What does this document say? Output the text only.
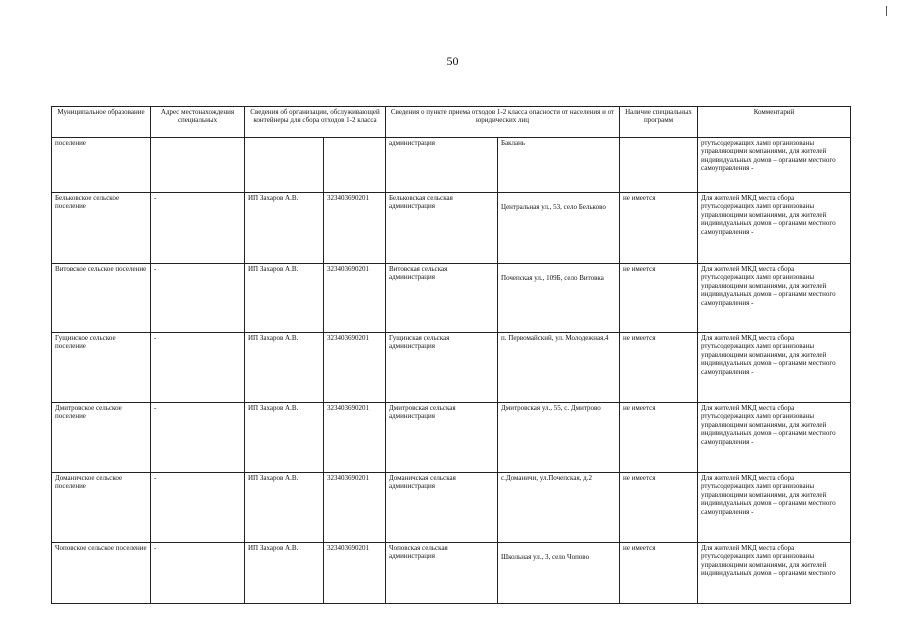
50
Муниципальное образование	Адрес местонахождения специальных	Сведения об организации, обслуживающей контейнеры для сбора отходов 1-2 класса		Сведения о пункте приема отходов 1-2 класса опасности от населения и от юридических лиц		Наличие специальных программ	Комментарий
поселение				администрация	Баклань		ртутьсодержащих ламп организованы управляющими компаниями, для жителей индивидуальных домов – органами местного самоуправления -
Бельковское сельское поселение	-	ИП Захаров А.В.	323403690201	Бельковская сельская администрация	Центральная ул., 53, село Бельково	не имеется	Для жителей МКД места сбора ртутьсодержащих ламп организованы управляющими компаниями, для жителей индивидуальных домов – органами местного самоуправления -
Витовское сельское поселение	-	ИП Захаров А.В.	323403690201	Витовская сельская администрация	Почепская ул., 109Б, село Витовка	не имеется	Для жителей МКД места сбора ртутьсодержащих ламп организованы управляющими компаниями, для жителей индивидуальных домов – органами местного самоуправления -
Гущинское сельское поселение	-	ИП Захаров А.В.	323403690201	Гущинская сельская администрация	п. Первомайский, ул. Молодежная,4	не имеется	Для жителей МКД места сбора ртутьсодержащих ламп организованы управляющими компаниями, для жителей индивидуальных домов – органами местного самоуправления -
Дмитровское сельское поселение	-	ИП Захаров А.В.	323403690201	Дмитровская сельская администрация	Дмитровская ул., 55, с. Дмитрово	не имеется	Для жителей МКД места сбора ртутьсодержащих ламп организованы управляющими компаниями, для жителей индивидуальных домов – органами местного самоуправления -
Доманичское сельское поселение	-	ИП Захаров А.В.	323403690201	Доманичская сельская администрация	с.Доманичи, ул.Почепская, д.2	не имеется	Для жителей МКД места сбора ртутьсодержащих ламп организованы управляющими компаниями, для жителей индивидуальных домов – органами местного самоуправления -
Чоповское сельское поселение	-	ИП Захаров А.В.	323403690201	Чоповская сельская администрация	Школьная ул., 3, село Чопово	не имеется	Для жителей МКД места сбора ртутьсодержащих ламп организованы управляющими компаниями, для жителей индивидуальных домов – органами местного
